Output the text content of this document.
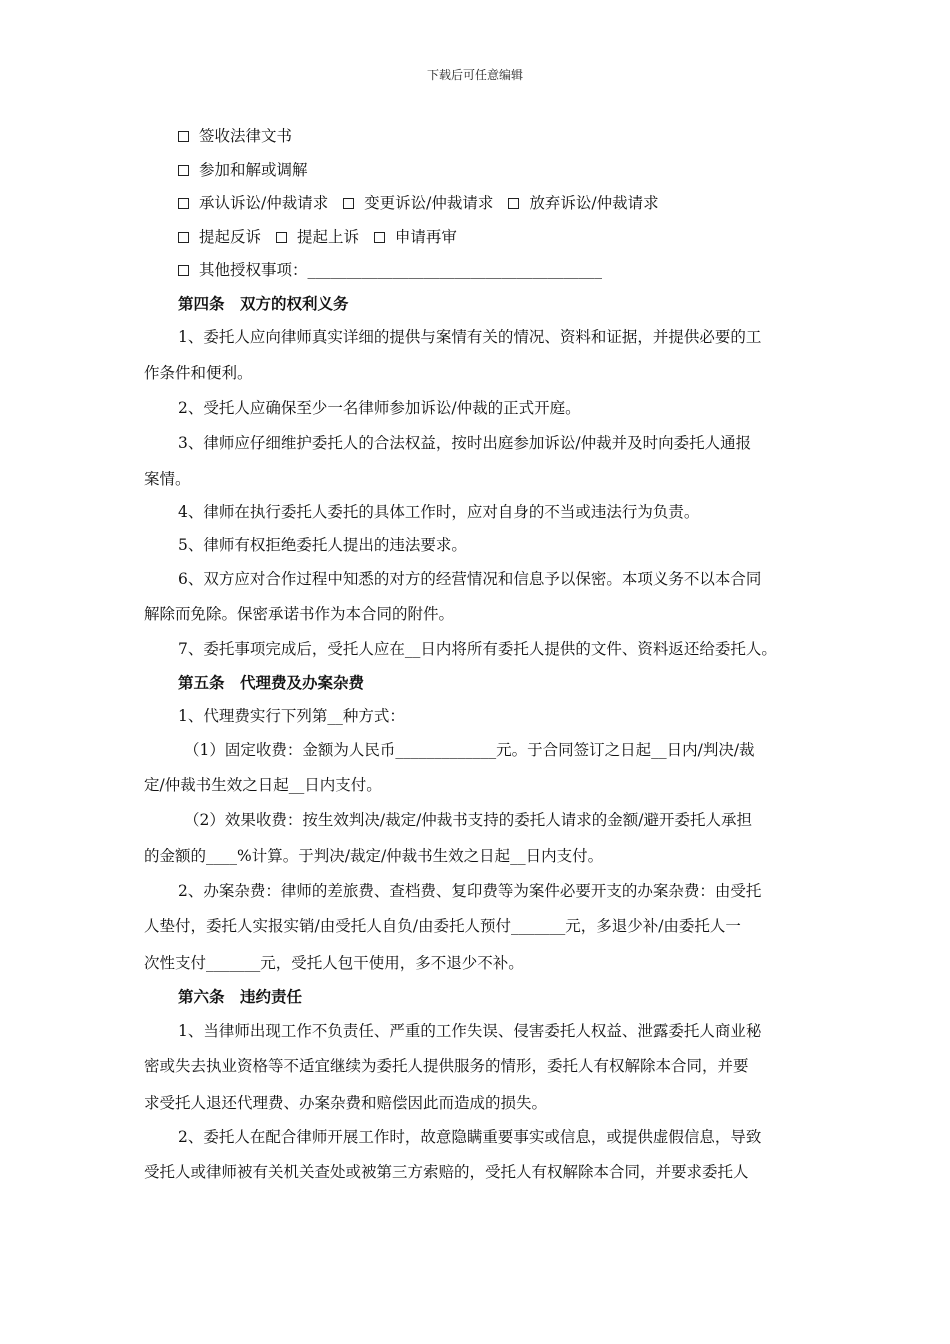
下载后可任意编辑
签收法律文书
参加和解或调解
承认诉讼/仲裁请求
变更诉讼/仲裁请求
放弃诉讼/仲裁请求
提起反诉
提起上诉
申请再审
其他授权事项：______________________________________
第四条　双方的权利义务
1、委托人应向律师真实详细的提供与案情有关的情况、资料和证据，并提供必要的工
作条件和便利。
2、受托人应确保至少一名律师参加诉讼/仲裁的正式开庭。
3、律师应仔细维护委托人的合法权益，按时出庭参加诉讼/仲裁并及时向委托人通报
案情。
4、律师在执行委托人委托的具体工作时，应对自身的不当或违法行为负责。
5、律师有权拒绝委托人提出的违法要求。
6、双方应对合作过程中知悉的对方的经营情况和信息予以保密。本项义务不以本合同
解除而免除。保密承诺书作为本合同的附件。
7、委托事项完成后，受托人应在__日内将所有委托人提供的文件、资料返还给委托人。
第五条　代理费及办案杂费
1、代理费实行下列第__种方式：
（1）固定收费：金额为人民币_____________元。于合同签订之日起__日内/判决/裁
定/仲裁书生效之日起__日内支付。
（2）效果收费：按生效判决/裁定/仲裁书支持的委托人请求的金额/避开委托人承担
的金额的____%计算。于判决/裁定/仲裁书生效之日起__日内支付。
2、办案杂费：律师的差旅费、查档费、复印费等为案件必要开支的办案杂费：由受托
人垫付，委托人实报实销/由受托人自负/由委托人预付_______元，多退少补/由委托人一
次性支付_______元，受托人包干使用，多不退少不补。
第六条　违约责任
1、当律师出现工作不负责任、严重的工作失误、侵害委托人权益、泄露委托人商业秘
密或失去执业资格等不适宜继续为委托人提供服务的情形，委托人有权解除本合同，并要
求受托人退还代理费、办案杂费和赔偿因此而造成的损失。
2、委托人在配合律师开展工作时，故意隐瞒重要事实或信息，或提供虚假信息，导致
受托人或律师被有关机关查处或被第三方索赔的，受托人有权解除本合同，并要求委托人
